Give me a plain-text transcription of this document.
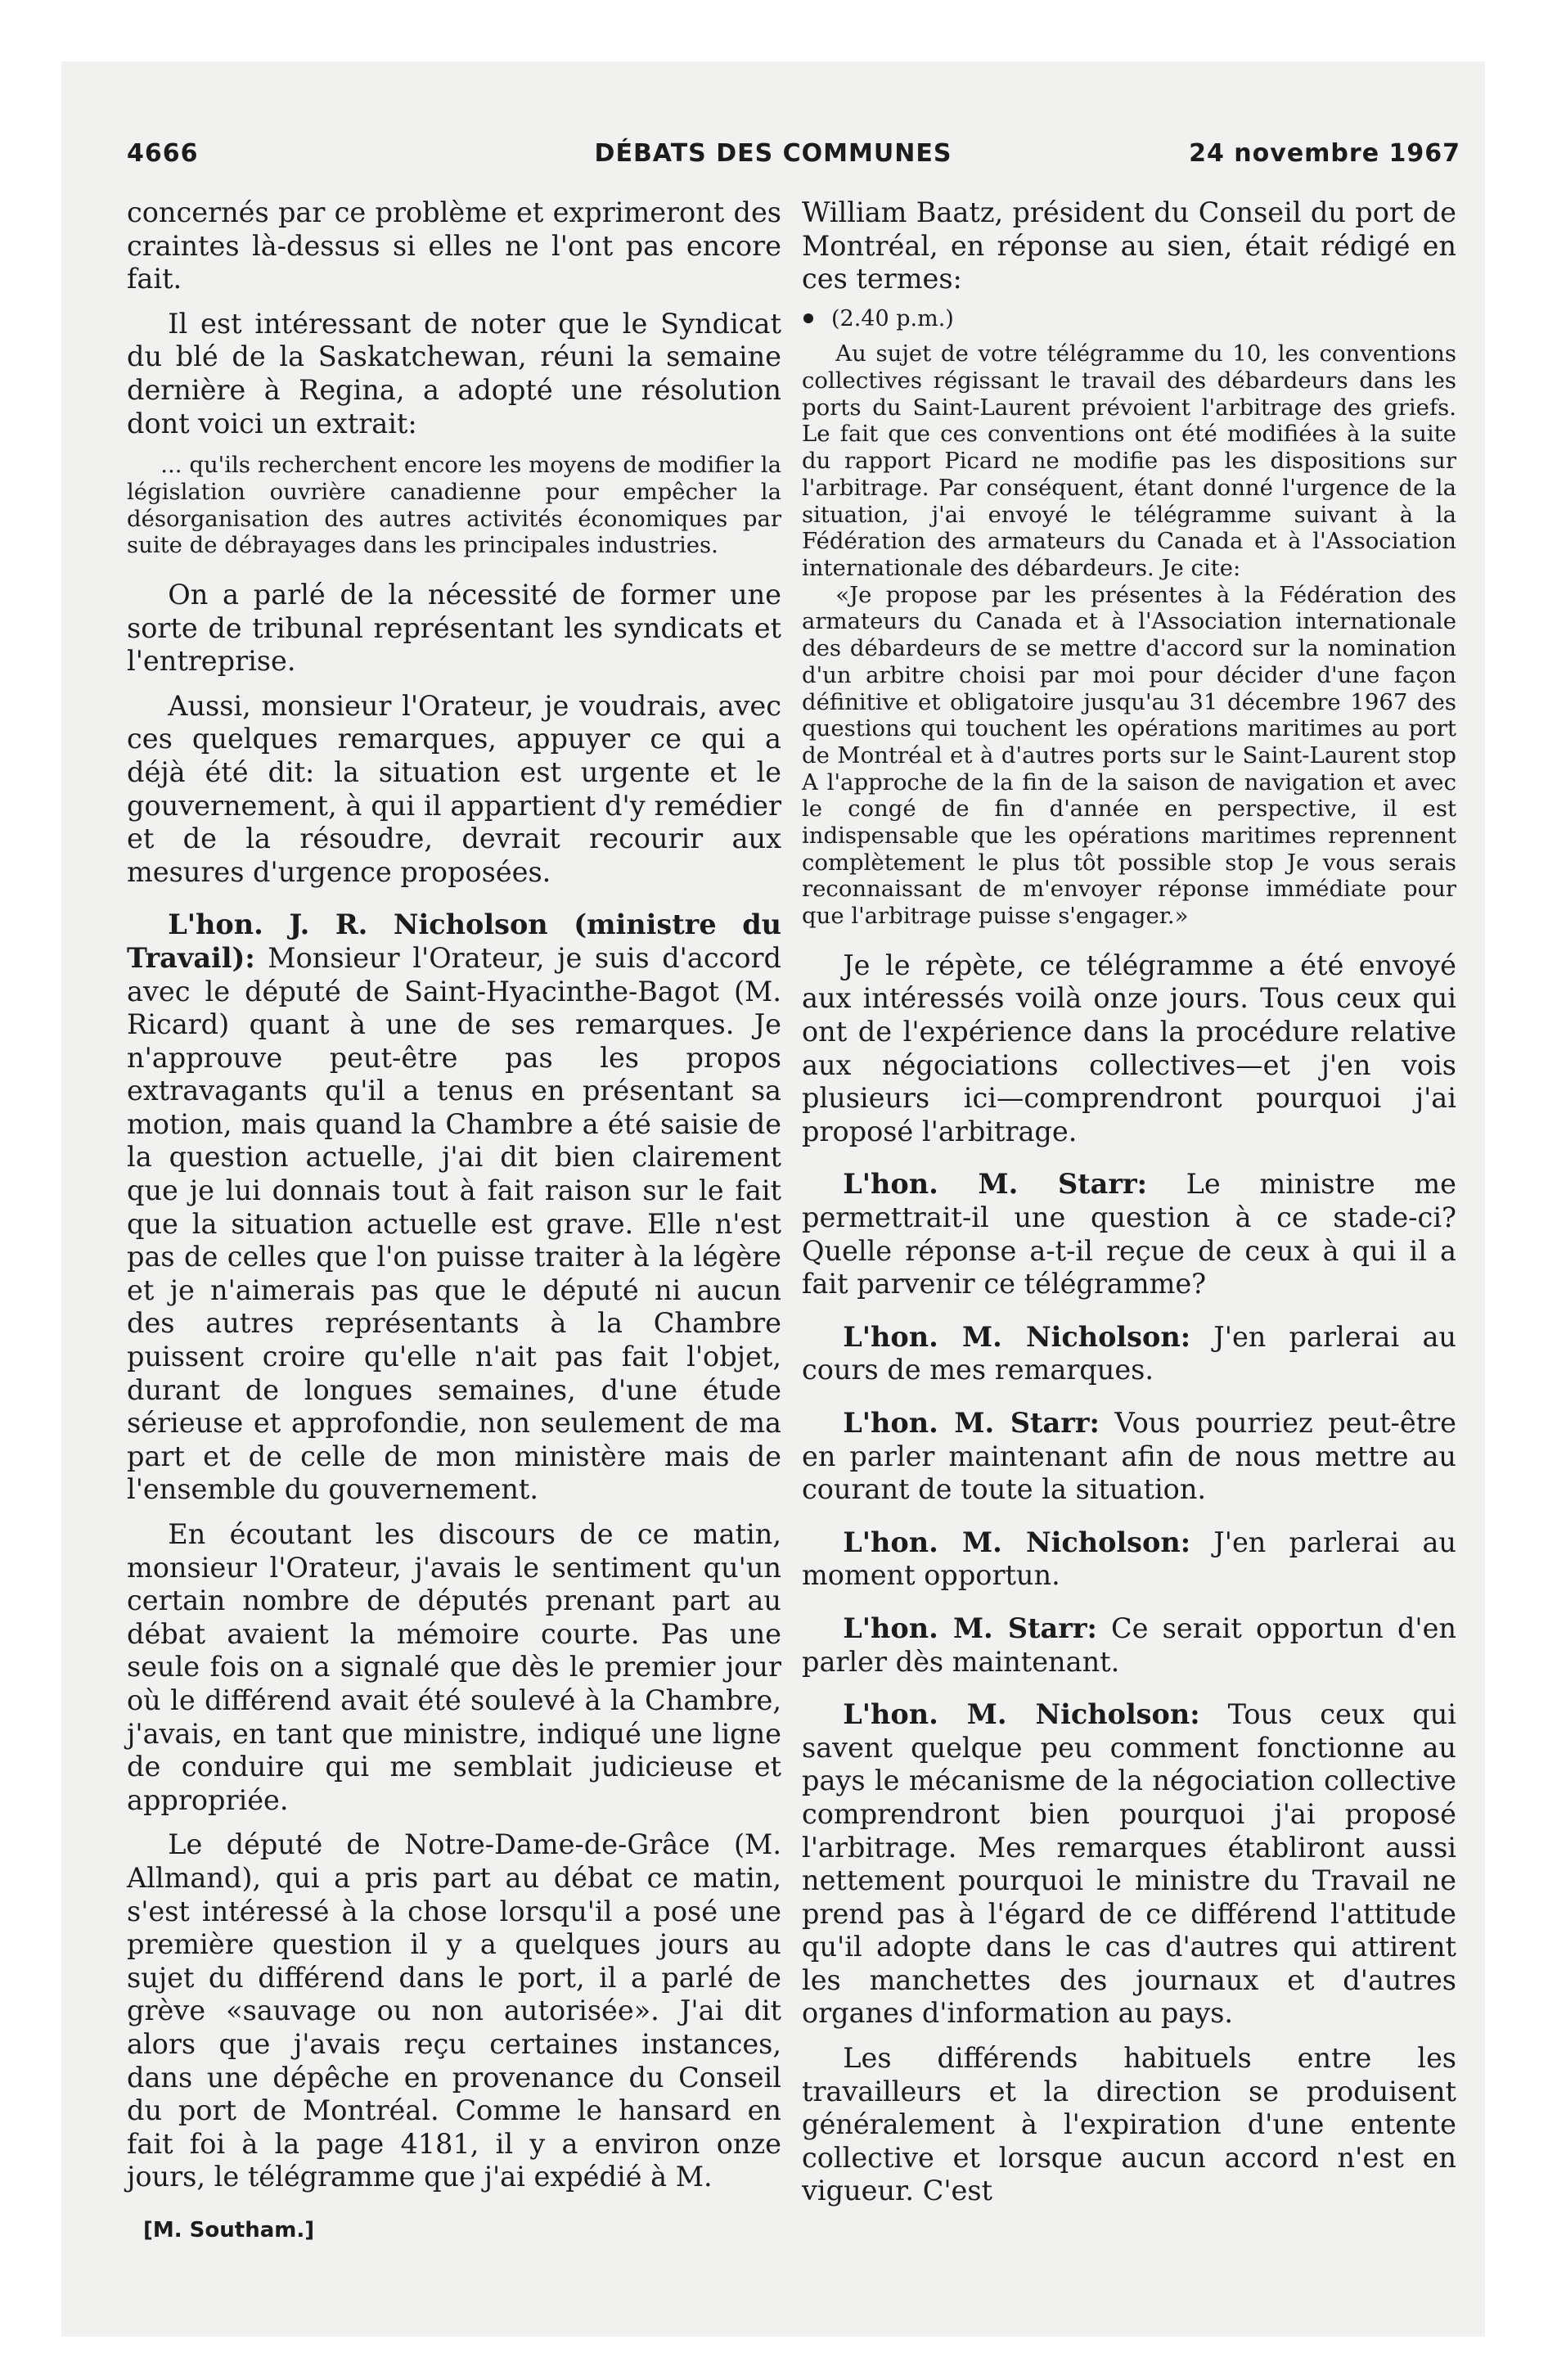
4666	DÉBATS DES COMMUNES	24 novembre 1967

concernés par ce problème et exprimeront des craintes là-dessus si elles ne l'ont pas encore fait.

Il est intéressant de noter que le Syndicat du blé de la Saskatchewan, réuni la semaine dernière à Regina, a adopté une résolution dont voici un extrait:

... qu'ils recherchent encore les moyens de modifier la législation ouvrière canadienne pour empêcher la désorganisation des autres activités économiques par suite de débrayages dans les principales industries.

On a parlé de la nécessité de former une sorte de tribunal représentant les syndicats et l'entreprise.

Aussi, monsieur l'Orateur, je voudrais, avec ces quelques remarques, appuyer ce qui a déjà été dit: la situation est urgente et le gouvernement, à qui il appartient d'y remédier et de la résoudre, devrait recourir aux mesures d'urgence proposées.

L'hon. J. R. Nicholson (ministre du Travail): Monsieur l'Orateur, je suis d'accord avec le député de Saint-Hyacinthe-Bagot (M. Ricard) quant à une de ses remarques. Je n'approuve peut-être pas les propos extravagants qu'il a tenus en présentant sa motion, mais quand la Chambre a été saisie de la question actuelle, j'ai dit bien clairement que je lui donnais tout à fait raison sur le fait que la situation actuelle est grave. Elle n'est pas de celles que l'on puisse traiter à la légère et je n'aimerais pas que le député ni aucun des autres représentants à la Chambre puissent croire qu'elle n'ait pas fait l'objet, durant de longues semaines, d'une étude sérieuse et approfondie, non seulement de ma part et de celle de mon ministère mais de l'ensemble du gouvernement.

En écoutant les discours de ce matin, monsieur l'Orateur, j'avais le sentiment qu'un certain nombre de députés prenant part au débat avaient la mémoire courte. Pas une seule fois on a signalé que dès le premier jour où le différend avait été soulevé à la Chambre, j'avais, en tant que ministre, indiqué une ligne de conduire qui me semblait judicieuse et appropriée.

Le député de Notre-Dame-de-Grâce (M. Allmand), qui a pris part au débat ce matin, s'est intéressé à la chose lorsqu'il a posé une première question il y a quelques jours au sujet du différend dans le port, il a parlé de grève «sauvage ou non autorisée». J'ai dit alors que j'avais reçu certaines instances, dans une dépêche en provenance du Conseil du port de Montréal. Comme le hansard en fait foi à la page 4181, il y a environ onze jours, le télégramme que j'ai expédié à M.

[M. Southam.]

William Baatz, président du Conseil du port de Montréal, en réponse au sien, était rédigé en ces termes:

(2.40 p.m.)

Au sujet de votre télégramme du 10, les conventions collectives régissant le travail des débardeurs dans les ports du Saint-Laurent prévoient l'arbitrage des griefs. Le fait que ces conventions ont été modifiées à la suite du rapport Picard ne modifie pas les dispositions sur l'arbitrage. Par conséquent, étant donné l'urgence de la situation, j'ai envoyé le télégramme suivant à la Fédération des armateurs du Canada et à l'Association internationale des débardeurs. Je cite:

«Je propose par les présentes à la Fédération des armateurs du Canada et à l'Association internationale des débardeurs de se mettre d'accord sur la nomination d'un arbitre choisi par moi pour décider d'une façon définitive et obligatoire jusqu'au 31 décembre 1967 des questions qui touchent les opérations maritimes au port de Montréal et à d'autres ports sur le Saint-Laurent stop A l'approche de la fin de la saison de navigation et avec le congé de fin d'année en perspective, il est indispensable que les opérations maritimes reprennent complètement le plus tôt possible stop Je vous serais reconnaissant de m'envoyer réponse immédiate pour que l'arbitrage puisse s'engager.»

Je le répète, ce télégramme a été envoyé aux intéressés voilà onze jours. Tous ceux qui ont de l'expérience dans la procédure relative aux négociations collectives—et j'en vois plusieurs ici—comprendront pourquoi j'ai proposé l'arbitrage.

L'hon. M. Starr: Le ministre me permettrait-il une question à ce stade-ci? Quelle réponse a-t-il reçue de ceux à qui il a fait parvenir ce télégramme?

L'hon. M. Nicholson: J'en parlerai au cours de mes remarques.

L'hon. M. Starr: Vous pourriez peut-être en parler maintenant afin de nous mettre au courant de toute la situation.

L'hon. M. Nicholson: J'en parlerai au moment opportun.

L'hon. M. Starr: Ce serait opportun d'en parler dès maintenant.

L'hon. M. Nicholson: Tous ceux qui savent quelque peu comment fonctionne au pays le mécanisme de la négociation collective comprendront bien pourquoi j'ai proposé l'arbitrage. Mes remarques établiront aussi nettement pourquoi le ministre du Travail ne prend pas à l'égard de ce différend l'attitude qu'il adopte dans le cas d'autres qui attirent les manchettes des journaux et d'autres organes d'information au pays.

Les différends habituels entre les travailleurs et la direction se produisent généralement à l'expiration d'une entente collective et lorsque aucun accord n'est en vigueur. C'est
